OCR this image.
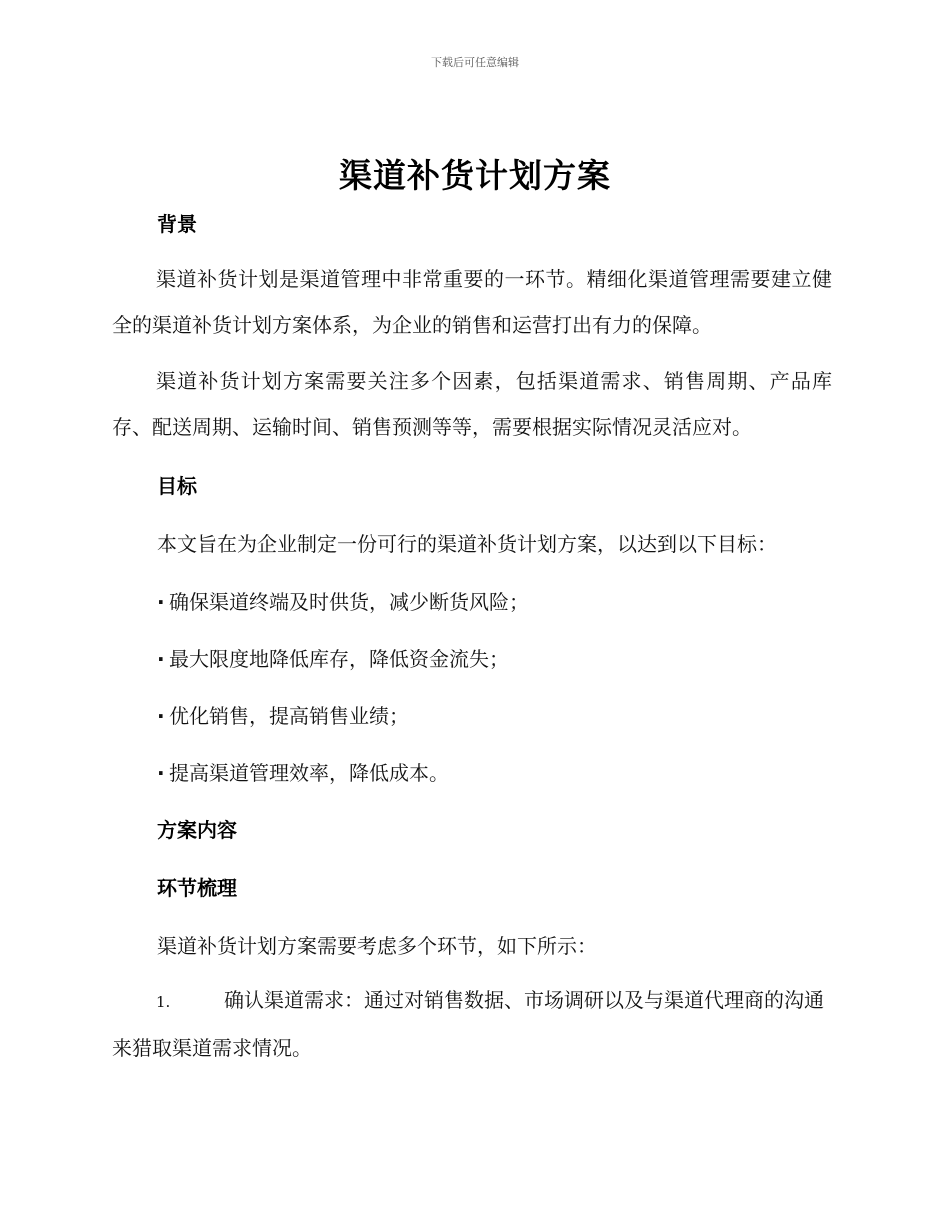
下载后可任意编辑
渠道补货计划方案
背景
渠道补货计划是渠道管理中非常重要的一环节。精细化渠道管理需要建立健全的渠道补货计划方案体系，为企业的销售和运营打出有力的保障。
渠道补货计划方案需要关注多个因素，包括渠道需求、销售周期、产品库存、配送周期、运输时间、销售预测等等，需要根据实际情况灵活应对。
目标
本文旨在为企业制定一份可行的渠道补货计划方案，以达到以下目标：
· 确保渠道终端及时供货，减少断货风险；
· 最大限度地降低库存，降低资金流失；
· 优化销售，提高销售业绩；
· 提高渠道管理效率，降低成本。
方案内容
环节梳理
渠道补货计划方案需要考虑多个环节，如下所示：
1.	确认渠道需求：通过对销售数据、市场调研以及与渠道代理商的沟通来猎取渠道需求情况。
